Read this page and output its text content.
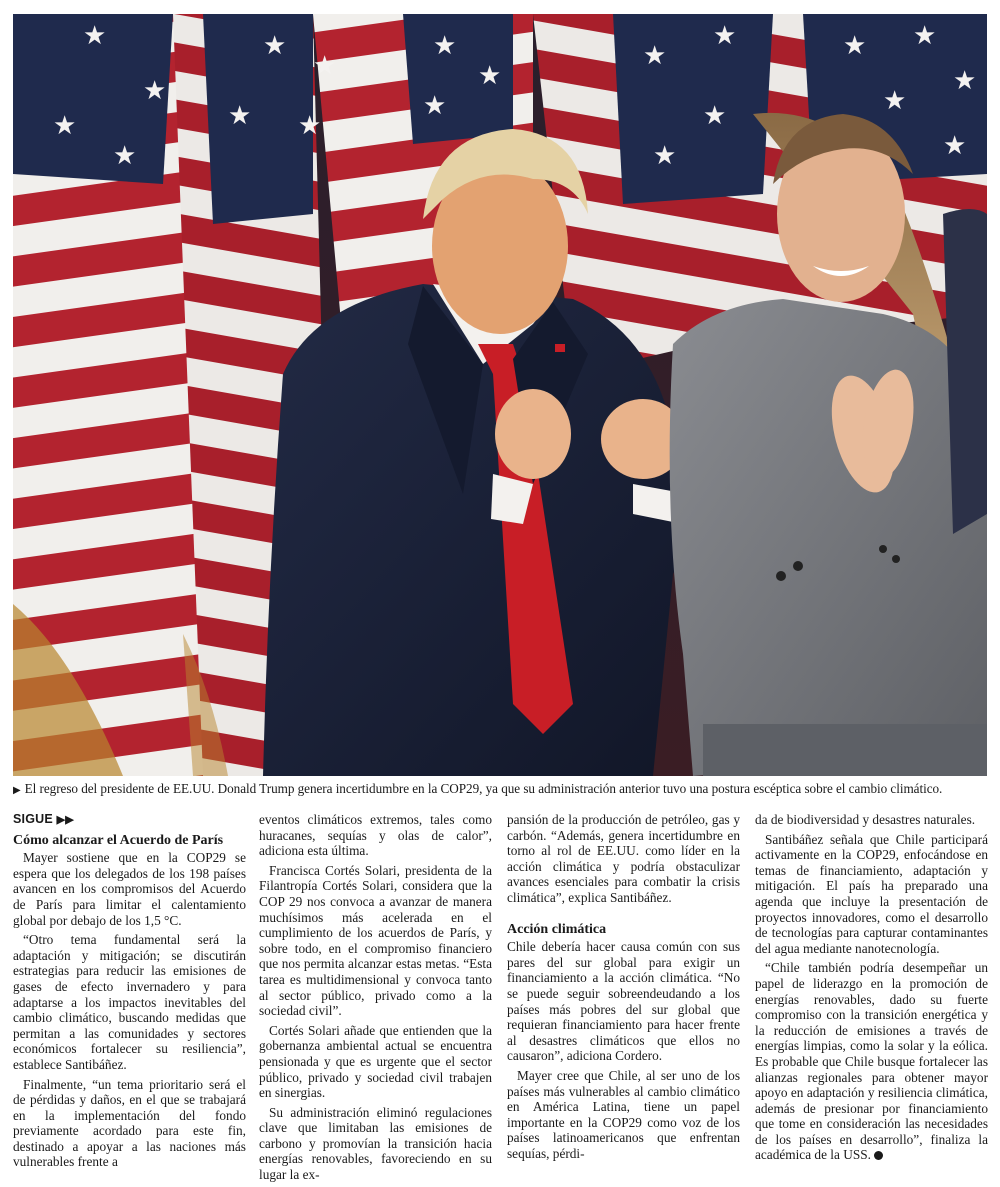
★
★
★
★
★
★
★
★
★
★
★
★
★
★
★
★ ★
★
★
★
▶ El regreso del presidente de EE.UU. Donald Trump genera incertidumbre en la COP29, ya que su administración anterior tuvo una postura escéptica sobre el cambio climático.

SIGUE ▶▶

Cómo alcanzar el Acuerdo de París

Mayer sostiene que en la COP29 se espera que los delegados de los 198 países avancen en los compromisos del Acuerdo de París para limitar el calentamiento global por debajo de los 1,5 °C.

“Otro tema fundamental será la adaptación y mitigación; se discutirán estrategias para reducir las emisiones de gases de efecto invernadero y para adaptarse a los impactos inevitables del cambio climático, buscando medidas que permitan a las comunidades y sectores económicos fortalecer su resiliencia”, establece Santibáñez.

Finalmente, “un tema prioritario será el de pérdidas y daños, en el que se trabajará en la implementación del fondo previamente acordado para este fin, destinado a apoyar a las naciones más vulnerables frente a

eventos climáticos extremos, tales como huracanes, sequías y olas de calor”, adiciona esta última.

Francisca Cortés Solari, presidenta de la Filantropía Cortés Solari, considera que la COP 29 nos convoca a avanzar de manera muchísimos más acelerada en el cumplimiento de los acuerdos de París, y sobre todo, en el compromiso financiero que nos permita alcanzar estas metas. “Esta tarea es multidimensional y convoca tanto al sector público, privado como a la sociedad civil”.

Cortés Solari añade que entienden que la gobernanza ambiental actual se encuentra pensionada y que es urgente que el sector público, privado y sociedad civil trabajen en sinergias.

Su administración eliminó regulaciones clave que limitaban las emisiones de carbono y promovían la transición hacia energías renovables, favoreciendo en su lugar la ex-

pansión de la producción de petróleo, gas y carbón. “Además, genera incertidumbre en torno al rol de EE.UU. como líder en la acción climática y podría obstaculizar avances esenciales para combatir la crisis climática”, explica Santibáñez.

Acción climática

Chile debería hacer causa común con sus pares del sur global para exigir un financiamiento a la acción climática. “No se puede seguir sobreendeudando a los países más pobres del sur global que requieran financiamiento para hacer frente al desastres climáticos que ellos no causaron”, adiciona Cordero.

Mayer cree que Chile, al ser uno de los países más vulnerables al cambio climático en América Latina, tiene un papel importante en la COP29 como voz de los países latinoamericanos que enfrentan sequías, pérdi-

da de biodiversidad y desastres naturales.

Santibáñez señala que Chile participará activamente en la COP29, enfocándose en temas de financiamiento, adaptación y mitigación. El país ha preparado una agenda que incluye la presentación de proyectos innovadores, como el desarrollo de tecnologías para capturar contaminantes del agua mediante nanotecnología.

“Chile también podría desempeñar un papel de liderazgo en la promoción de energías renovables, dado su fuerte compromiso con la transición energética y la reducción de emisiones a través de energías limpias, como la solar y la eólica. Es probable que Chile busque fortalecer las alianzas regionales para obtener mayor apoyo en adaptación y resiliencia climática, además de presionar por financiamiento que tome en consideración las necesidades de los países en desarrollo”, finaliza la académica de la USS.
